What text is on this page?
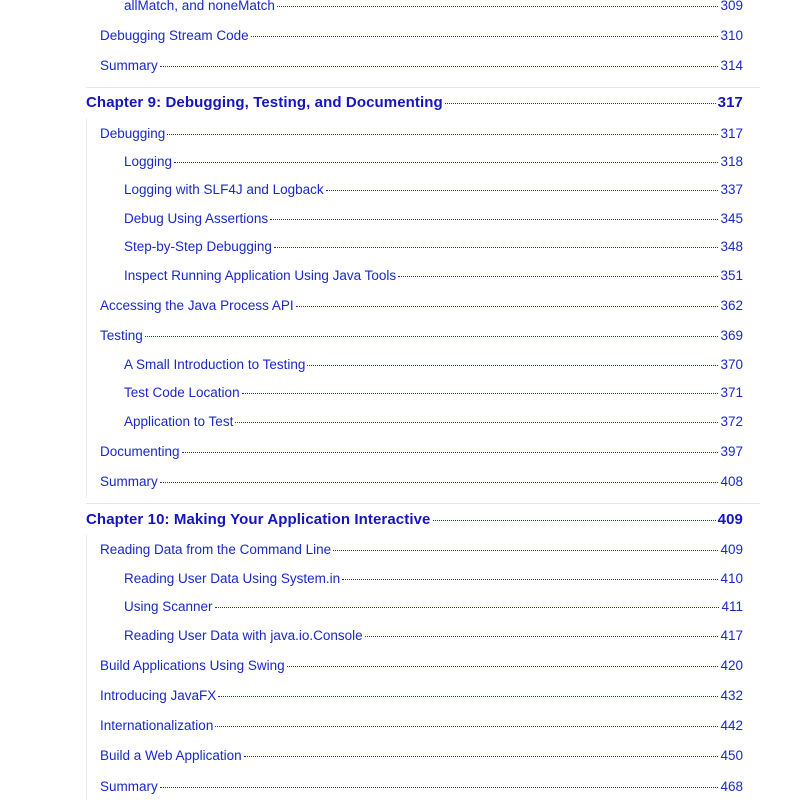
allMatch, and noneMatch	309
Debugging Stream Code	310
Summary	314
Chapter 9: Debugging, Testing, and Documenting	317
Debugging	317
Logging	318
Logging with SLF4J and Logback	337
Debug Using Assertions	345
Step-by-Step Debugging	348
Inspect Running Application Using Java Tools	351
Accessing the Java Process API	362
Testing	369
A Small Introduction to Testing	370
Test Code Location	371
Application to Test	372
Documenting	397
Summary	408
Chapter 10: Making Your Application Interactive	409
Reading Data from the Command Line	409
Reading User Data Using System.in	410
Using Scanner	411
Reading User Data with java.io.Console	417
Build Applications Using Swing	420
Introducing JavaFX	432
Internationalization	442
Build a Web Application	450
Summary	468
